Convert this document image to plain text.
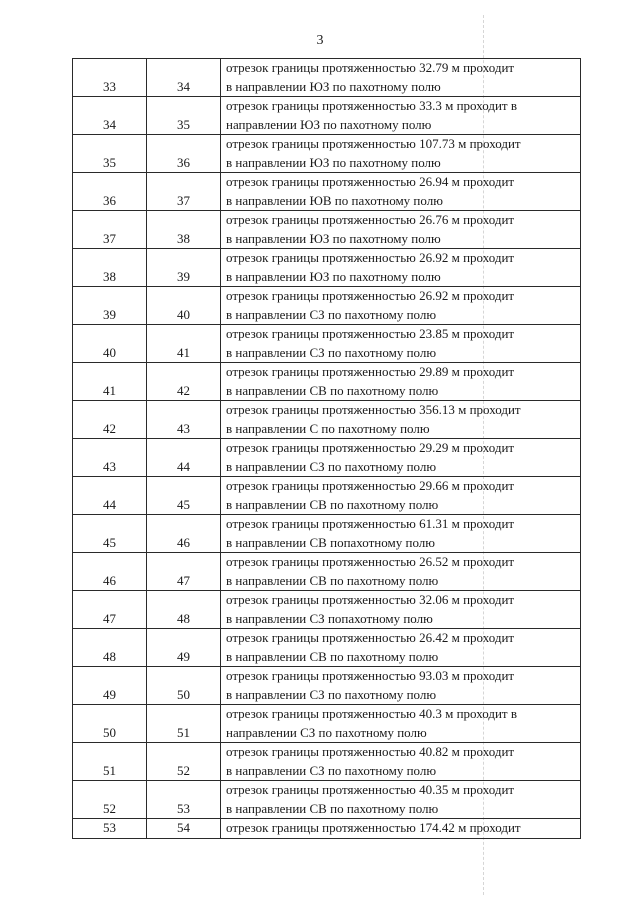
3
33	34	отрезок границы протяженностью 32.79 м проходит
в направлении ЮЗ по пахотному полю

34	35	отрезок границы протяженностью 33.3 м проходит в
направлении ЮЗ по пахотному полю

35	36	отрезок границы протяженностью 107.73 м проходит
в направлении ЮЗ по пахотному полю

36	37	отрезок границы протяженностью 26.94 м проходит
в направлении ЮВ по пахотному полю

37	38	отрезок границы протяженностью 26.76 м проходит
в направлении ЮЗ по пахотному полю

38	39	отрезок границы протяженностью 26.92 м проходит
в направлении ЮЗ по пахотному полю

39	40	отрезок границы протяженностью 26.92 м проходит
в направлении СЗ по пахотному полю

40	41	отрезок границы протяженностью 23.85 м проходит
в направлении СЗ по пахотному полю

41	42	отрезок границы протяженностью 29.89 м проходит
в направлении СВ по пахотному полю

42	43	отрезок границы протяженностью 356.13 м проходит
в направлении С по пахотному полю

43	44	отрезок границы протяженностью 29.29 м проходит
в направлении СЗ по пахотному полю

44	45	отрезок границы протяженностью 29.66 м проходит
в направлении СВ по пахотному полю

45	46	отрезок границы протяженностью 61.31 м проходит
в направлении СВ попахотному полю

46	47	отрезок границы протяженностью 26.52 м проходит
в направлении СВ по пахотному полю

47	48	отрезок границы протяженностью 32.06 м проходит
в направлении СЗ попахотному полю

48	49	отрезок границы протяженностью 26.42 м проходит
в направлении СВ по пахотному полю

49	50	отрезок границы протяженностью 93.03 м проходит
в направлении СЗ по пахотному полю

50	51	отрезок границы протяженностью 40.3 м проходит в
направлении СЗ по пахотному полю

51	52	отрезок границы протяженностью 40.82 м проходит
в направлении СЗ по пахотному полю

52	53	отрезок границы протяженностью 40.35 м проходит
в направлении СВ по пахотному полю

53	54	отрезок границы протяженностью 174.42 м проходит
